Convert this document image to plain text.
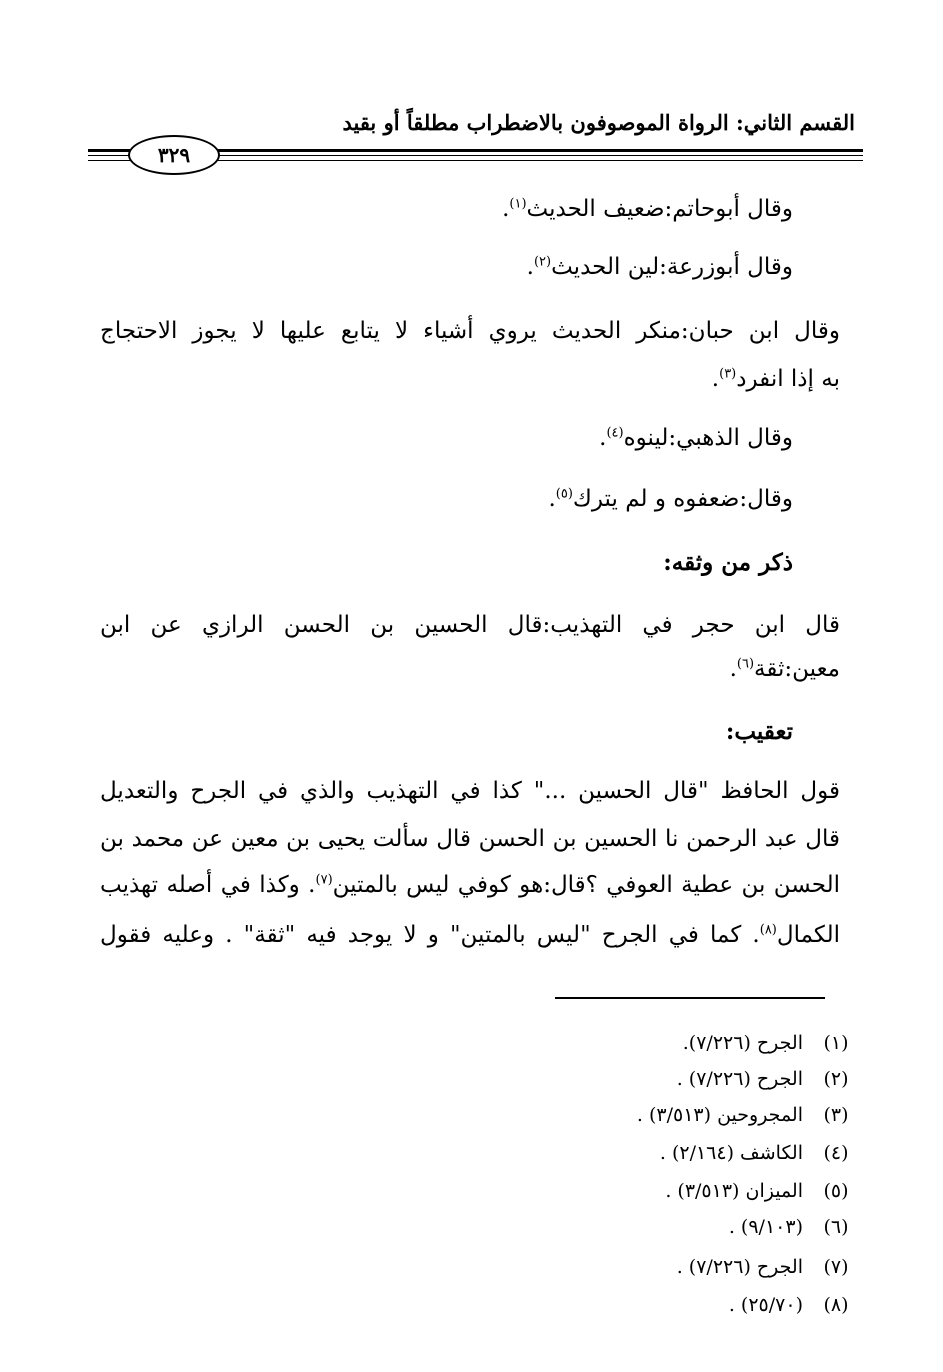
القسم الثاني: الرواة الموصوفون بالاضطراب مطلقاً أو بقيد
٣٢٩
وقال أبوحاتم:ضعيف الحديث$^{(١)}$.
وقال أبوزرعة:لين الحديث$^{(٢)}$.
وقال ابن حبان:منكر الحديث يروي أشياء لا يتابع عليها لا يجوز الاحتجاج
به إذا انفرد$^{(٣)}$.
وقال الذهبي:لينوه$^{(٤)}$.
وقال:ضعفوه و لم يترك$^{(٥)}$.
ذكر من وثقه:
قال ابن حجر في التهذيب:قال الحسين بن الحسن الرازي عن ابن
معين:ثقة$^{(٦)}$.
تعقيب:
قول الحافظ "قال الحسين ..." كذا في التهذيب والذي في الجرح والتعديل
قال عبد الرحمن نا الحسين بن الحسن قال سألت يحيى بن معين عن محمد بن
الحسن بن عطية العوفي ؟قال:هو كوفي ليس بالمتين$^{(٧)}$. وكذا في أصله تهذيب
الكمال$^{(٨)}$. كما في الجرح "ليس بالمتين" و لا يوجد فيه "ثقة" . وعليه فقول
(١)
الجرح (٧/٢٢٦).
(٢)
الجرح (٧/٢٢٦) .
(٣)
المجروحين (٣/٥١٣) .
(٤)
الكاشف (٢/١٦٤) .
(٥)
الميزان (٣/٥١٣) .
(٦)
(٩/١٠٣) .
(٧)
الجرح (٧/٢٢٦) .
(٨)
(٢٥/٧٠) .
